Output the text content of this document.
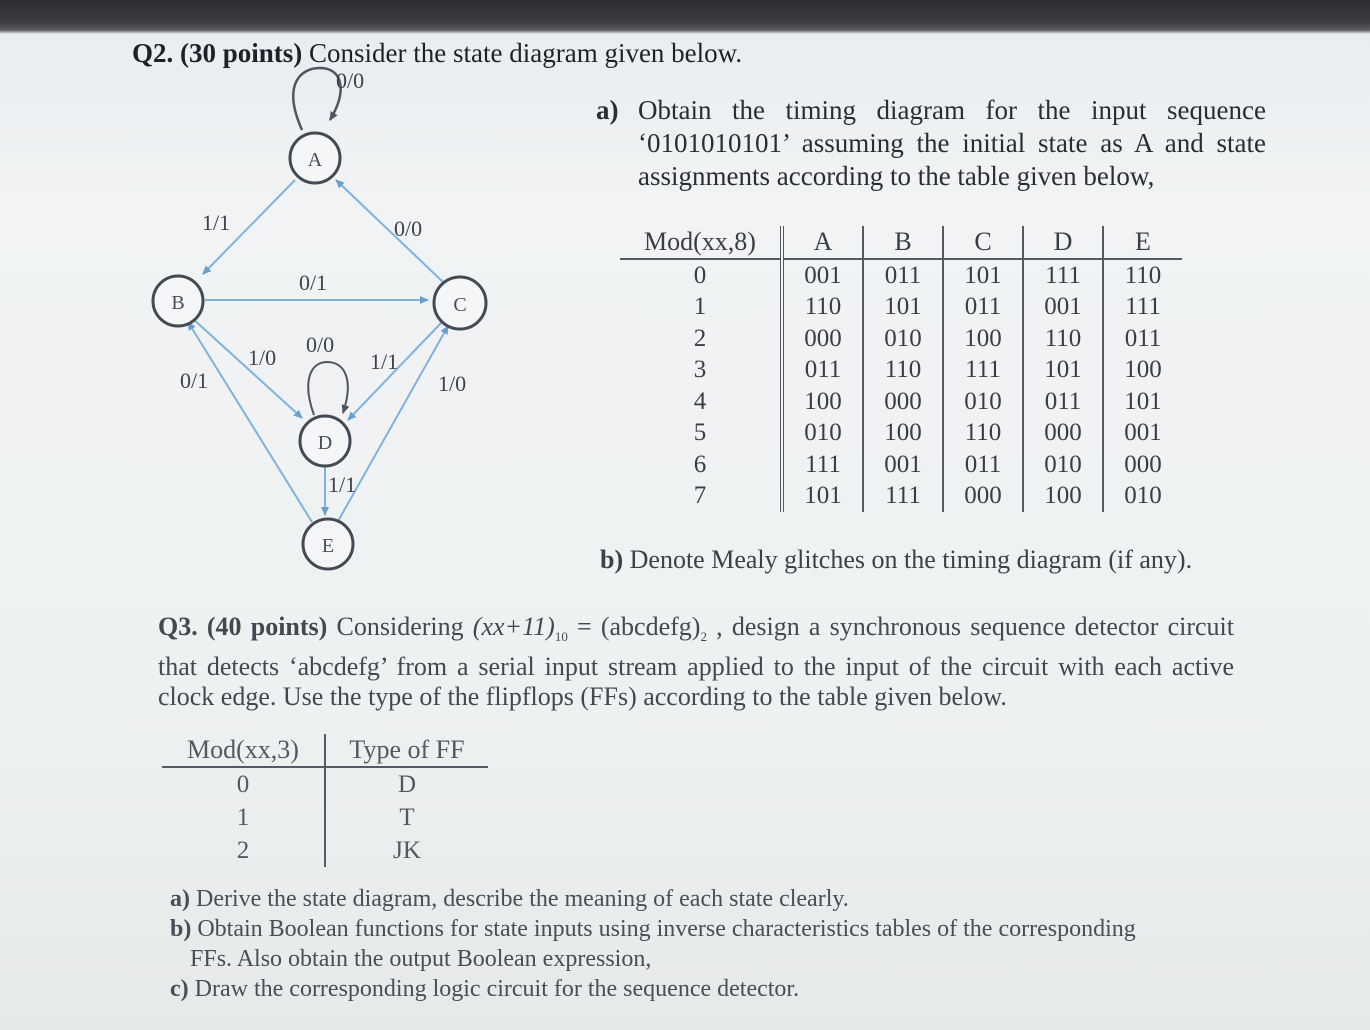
Q2. (30 points) Consider the state diagram given below.
A
B	C
D
E
0/0
1/1	0/0
0/1
1/0
0/0
1/1
0/1	1/0
1/1
a) Obtain the timing diagram for the input sequence ‘0101010101’ assuming the initial state as A and state assignments according to the table given below,
Mod(xx,8)	A	B	C	D	E
0	001	011	101	111	110
1	110	101	011	001	111
2	000	010	100	110	011
3	011	110	111	101	100
4	100	000	010	011	101
5	010	100	110	000	001
6	111	001	011	010	000
7	101	111	000	100	010
b) Denote Mealy glitches on the timing diagram (if any).
Q3. (40 points) Considering $(xx+11)_{10}$ = $(abcdefg)_2$ , design a synchronous sequence detector circuit that detects ‘abcdefg’ from a serial input stream applied to the input of the circuit with each active clock edge. Use the type of the flipflops (FFs) according to the table given below.
Mod(xx,3)	Type of FF
0	D
1	T
2	JK
a) Derive the state diagram, describe the meaning of each state clearly.
b) Obtain Boolean functions for state inputs using inverse characteristics tables of the corresponding
FFs. Also obtain the output Boolean expression,
c) Draw the corresponding logic circuit for the sequence detector.
